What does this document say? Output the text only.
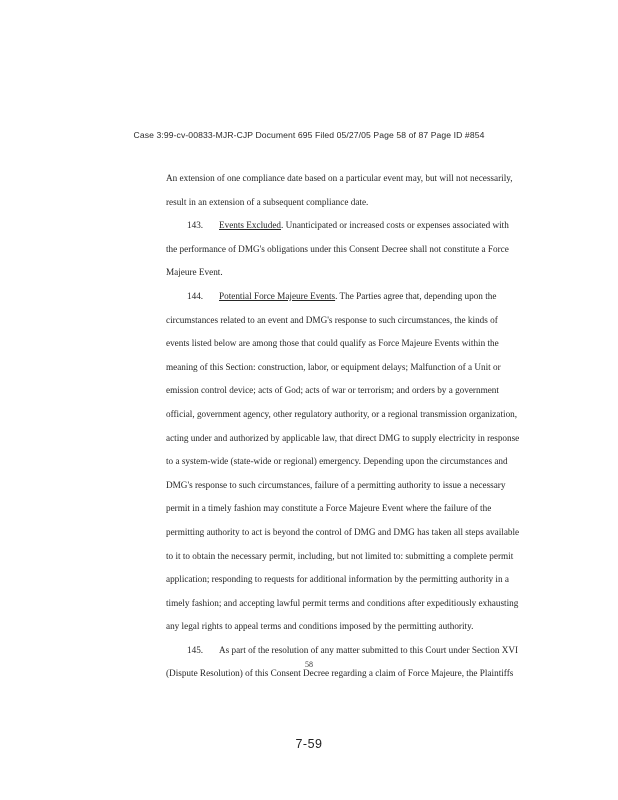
Case 3:99-cv-00833-MJR-CJP Document 695 Filed 05/27/05 Page 58 of 87 Page ID #854
An extension of one compliance date based on a particular event may, but will not necessarily,
result in an extension of a subsequent compliance date.
143. Events Excluded. Unanticipated or increased costs or expenses associated with
the performance of DMG's obligations under this Consent Decree shall not constitute a Force
Majeure Event.
144. Potential Force Majeure Events. The Parties agree that, depending upon the
circumstances related to an event and DMG's response to such circumstances, the kinds of
events listed below are among those that could qualify as Force Majeure Events within the
meaning of this Section: construction, labor, or equipment delays; Malfunction of a Unit or
emission control device; acts of God; acts of war or terrorism; and orders by a government
official, government agency, other regulatory authority, or a regional transmission organization,
acting under and authorized by applicable law, that direct DMG to supply electricity in response
to a system-wide (state-wide or regional) emergency. Depending upon the circumstances and
DMG's response to such circumstances, failure of a permitting authority to issue a necessary
permit in a timely fashion may constitute a Force Majeure Event where the failure of the
permitting authority to act is beyond the control of DMG and DMG has taken all steps available
to it to obtain the necessary permit, including, but not limited to: submitting a complete permit
application; responding to requests for additional information by the permitting authority in a
timely fashion; and accepting lawful permit terms and conditions after expeditiously exhausting
any legal rights to appeal terms and conditions imposed by the permitting authority.
145. As part of the resolution of any matter submitted to this Court under Section XVI
(Dispute Resolution) of this Consent Decree regarding a claim of Force Majeure, the Plaintiffs
58
7-59
